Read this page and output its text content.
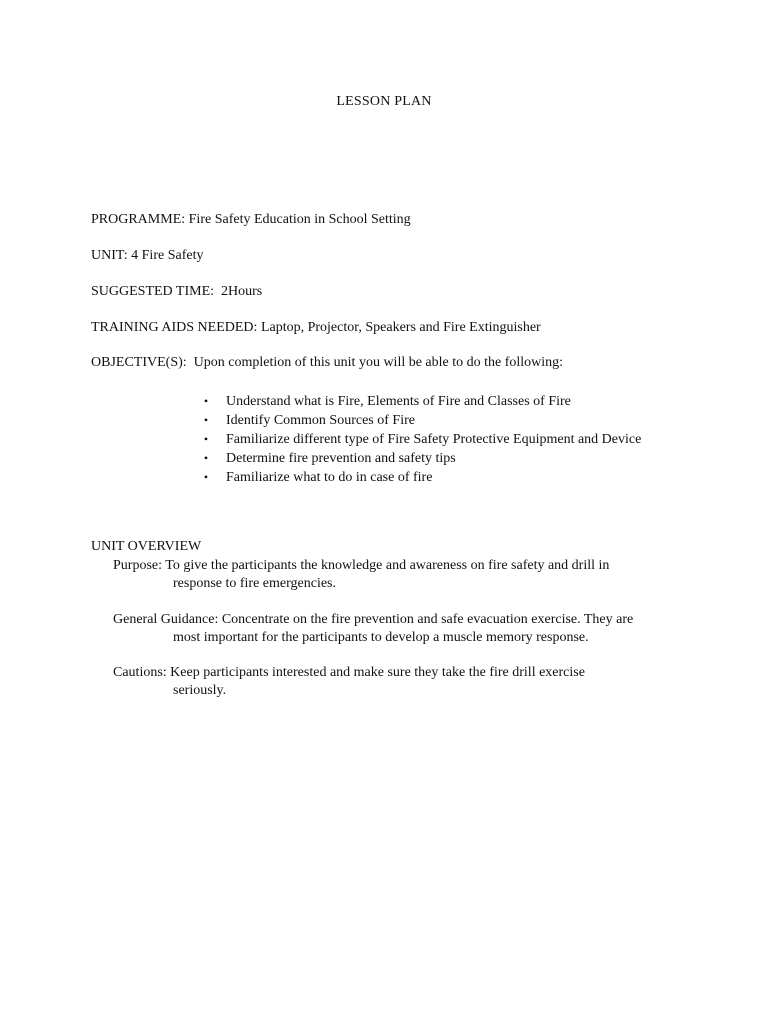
LESSON PLAN
PROGRAMME: Fire Safety Education in School Setting
UNIT: 4 Fire Safety
SUGGESTED TIME: 2Hours
TRAINING AIDS NEEDED: Laptop, Projector, Speakers and Fire Extinguisher
OBJECTIVE(S): Upon completion of this unit you will be able to do the following:
• Understand what is Fire, Elements of Fire and Classes of Fire
• Identify Common Sources of Fire
• Familiarize different type of Fire Safety Protective Equipment and Device
• Determine fire prevention and safety tips
• Familiarize what to do in case of fire
UNIT OVERVIEW
Purpose: To give the participants the knowledge and awareness on fire safety and drill in
response to fire emergencies.
General Guidance: Concentrate on the fire prevention and safe evacuation exercise. They are
most important for the participants to develop a muscle memory response.
Cautions: Keep participants interested and make sure they take the fire drill exercise
seriously.
